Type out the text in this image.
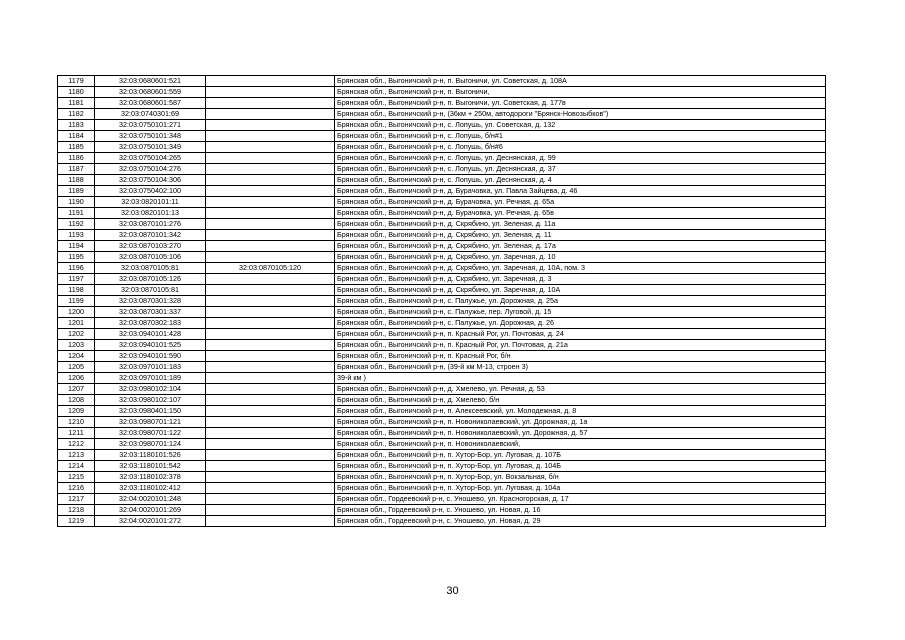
1179	32:03:0680601:521		Брянская обл., Выгоничский р-н, п. Выгоничи, ул. Советская, д. 108А
1180	32:03:0680601:559		Брянская обл., Выгоничский р-н, п. Выгоничи,
1181	32:03:0680601:587		Брянская обл., Выгоничский р-н, п. Выгоничи, ул. Советская, д. 177в
1182	32:03:0740301:69		Брянская обл., Выгоничский р-н, (36км + 250м, автодороги "Брянск-Новозыбков")
1183	32:03:0750101:271		Брянская обл., Выгоничский р-н, с. Лопушь, ул. Советская, д. 132
1184	32:03:0750101:348		Брянская обл., Выгоничский р-н, с. Лопушь, б/н#1
1185	32:03:0750101:349		Брянская обл., Выгоничский р-н, с. Лопушь, б/н#6
1186	32:03:0750104:265		Брянская обл., Выгоничский р-н, с. Лопушь, ул. Деснянская, д. 99
1187	32:03:0750104:276		Брянская обл., Выгоничский р-н, с. Лопушь, ул. Деснянская, д. 37
1188	32:03:0750104:306		Брянская обл., Выгоничский р-н, с. Лопушь, ул. Деснянская, д. 4
1189	32:03:0750402:100		Брянская обл., Выгоничский р-н, д. Бурачовка, ул. Павла Зайцева, д. 46
1190	32:03:0820101:11		Брянская обл., Выгоничский р-н, д. Бурачовка, ул. Речная, д. 65а
1191	32:03:0820101:13		Брянская обл., Выгоничский р-н, д. Бурачовка, ул. Речная, д. 65в
1192	32:03:0870101:276		Брянская обл., Выгоничский р-н, д. Скрябино, ул. Зеленая, д. 11а
1193	32:03:0870101:342		Брянская обл., Выгоничский р-н, д. Скрябино, ул. Зеленая, д. 11
1194	32:03:0870103:270		Брянская обл., Выгоничский р-н, д. Скрябино, ул. Зеленая, д. 17а
1195	32:03:0870105:106		Брянская обл., Выгоничский р-н, д. Скрябино, ул. Заречная, д. 10
1196	32:03:0870105:81	32:03:0870105:120	Брянская обл., Выгоничский р-н, д. Скрябино, ул. Заречная, д. 10А, пом. 3
1197	32:03:0870105:126		Брянская обл., Выгоничский р-н, д. Скрябино, ул. Заречная, д. 3
1198	32:03:0870105:81		Брянская обл., Выгоничский р-н, д. Скрябино, ул. Заречная, д. 10А
1199	32:03:0870301:328		Брянская обл., Выгоничский р-н, с. Палужье, ул. Дорожная, д. 25а
1200	32:03:0870301:337		Брянская обл., Выгоничский р-н, с. Палужье, пер. Луговой, д. 15
1201	32:03:0870302:183		Брянская обл., Выгоничский р-н, с. Палужье, ул. Дорожная, д. 26
1202	32:03:0940101:428		Брянская обл., Выгоничский р-н, п. Красный Рог, ул. Почтовая, д. 24
1203	32:03:0940101:525		Брянская обл., Выгоничский р-н, п. Красный Рог, ул. Почтовая, д. 21а
1204	32:03:0940101:590		Брянская обл., Выгоничский р-н, п. Красный Рог, б/н
1205	32:03:0970101:183		Брянская обл., Выгоничский р-н, (39-й км М-13, строен 3)
1206	32:03:0970101:189		39-й км )
1207	32:03:0980102:104		Брянская обл., Выгоничский р-н, д. Хмелево, ул. Речная, д. 53
1208	32:03:0980102:107		Брянская обл., Выгоничский р-н, д. Хмелево, б/н
1209	32:03:0980401:150		Брянская обл., Выгоничский р-н, п. Алексеевский, ул. Молодежная, д. 8
1210	32:03:0980701:121		Брянская обл., Выгоничский р-н, п. Новониколаевский, ул. Дорожная, д. 1а
1211	32:03:0980701:122		Брянская обл., Выгоничский р-н, п. Новониколаевский, ул. Дорожная, д. 57
1212	32:03:0980701:124		Брянская обл., Выгоничский р-н, п. Новониколаевский,
1213	32:03:1180101:526		Брянская обл., Выгоничский р-н, п. Хутор-Бор, ул. Луговая, д. 107Б
1214	32:03:1180101:542		Брянская обл., Выгоничский р-н, п. Хутор-Бор, ул. Луговая, д. 104Б
1215	32:03:1180102:378		Брянская обл., Выгоничский р-н, п. Хутор-Бор, ул. Вокзальная, б/н
1216	32:03:1180102:412		Брянская обл., Выгоничский р-н, п. Хутор-Бор, ул. Луговая, д. 104а
1217	32:04:0020101:248		Брянская обл., Гордеевский р-н, с. Уношево, ул. Красногорская, д. 17
1218	32:04:0020101:269		Брянская обл., Гордеевский р-н, с. Уношево, ул. Новая, д. 16
1219	32:04:0020101:272		Брянская обл., Гордеевский р-н, с. Уношево, ул. Новая, д. 29
30
